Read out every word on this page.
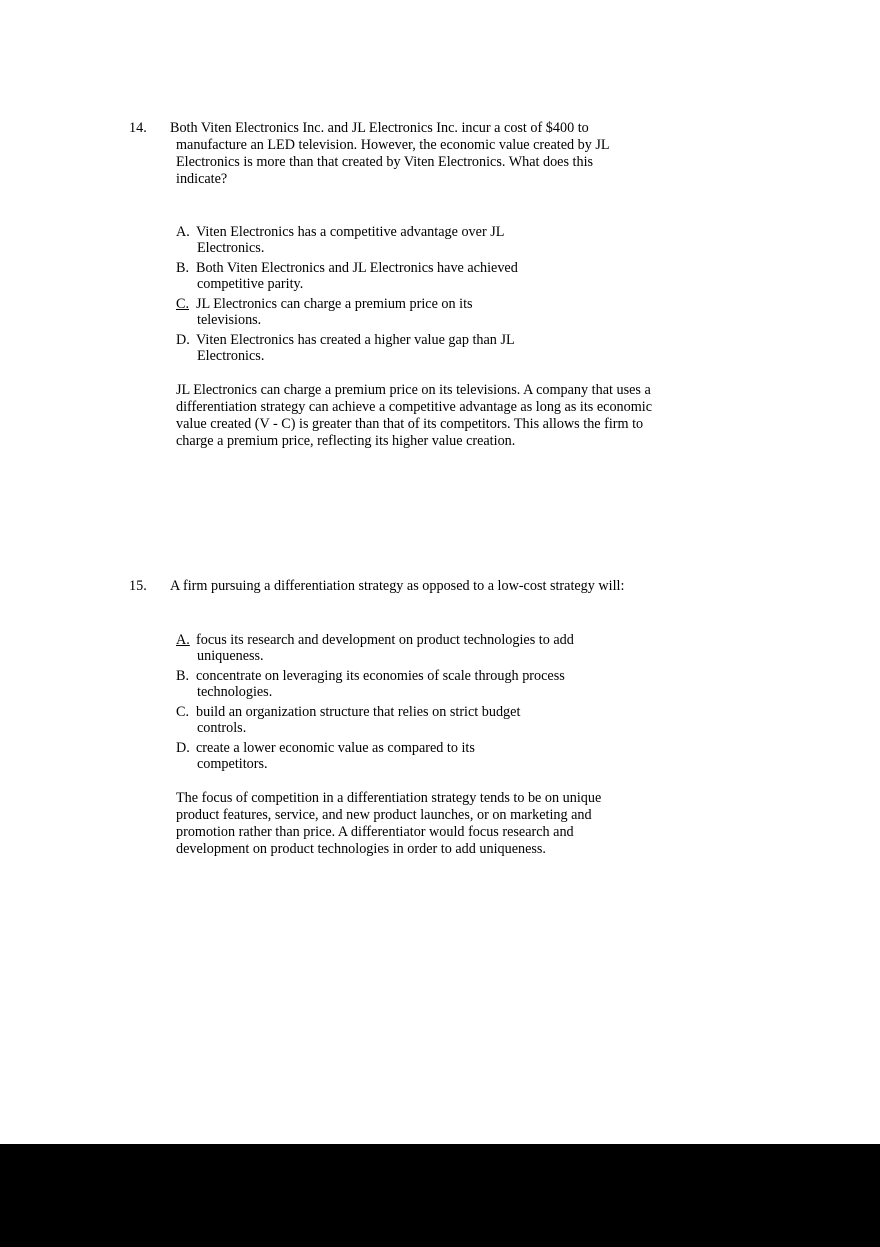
14. Both Viten Electronics Inc. and JL Electronics Inc. incur a cost of $400 to
manufacture an LED television. However, the economic value created by JL Electronics is more than that created by Viten Electronics. What does this indicate?
A. Viten Electronics has a competitive advantage over JL
Electronics.
B. Both Viten Electronics and JL Electronics have achieved
competitive parity.
C. JL Electronics can charge a premium price on its
televisions.
D. Viten Electronics has created a higher value gap than JL
Electronics.
JL Electronics can charge a premium price on its televisions. A company that uses a differentiation strategy can achieve a competitive advantage as long as its economic value created (V - C) is greater than that of its competitors. This allows the firm to charge a premium price, reflecting its higher value creation.
15. A firm pursuing a differentiation strategy as opposed to a low-cost strategy will:
A. focus its research and development on product technologies to add
uniqueness.
B. concentrate on leveraging its economies of scale through process
technologies.
C. build an organization structure that relies on strict budget
controls.
D. create a lower economic value as compared to its
competitors.
The focus of competition in a differentiation strategy tends to be on unique product features, service, and new product launches, or on marketing and promotion rather than price. A differentiator would focus research and development on product technologies in order to add uniqueness.
